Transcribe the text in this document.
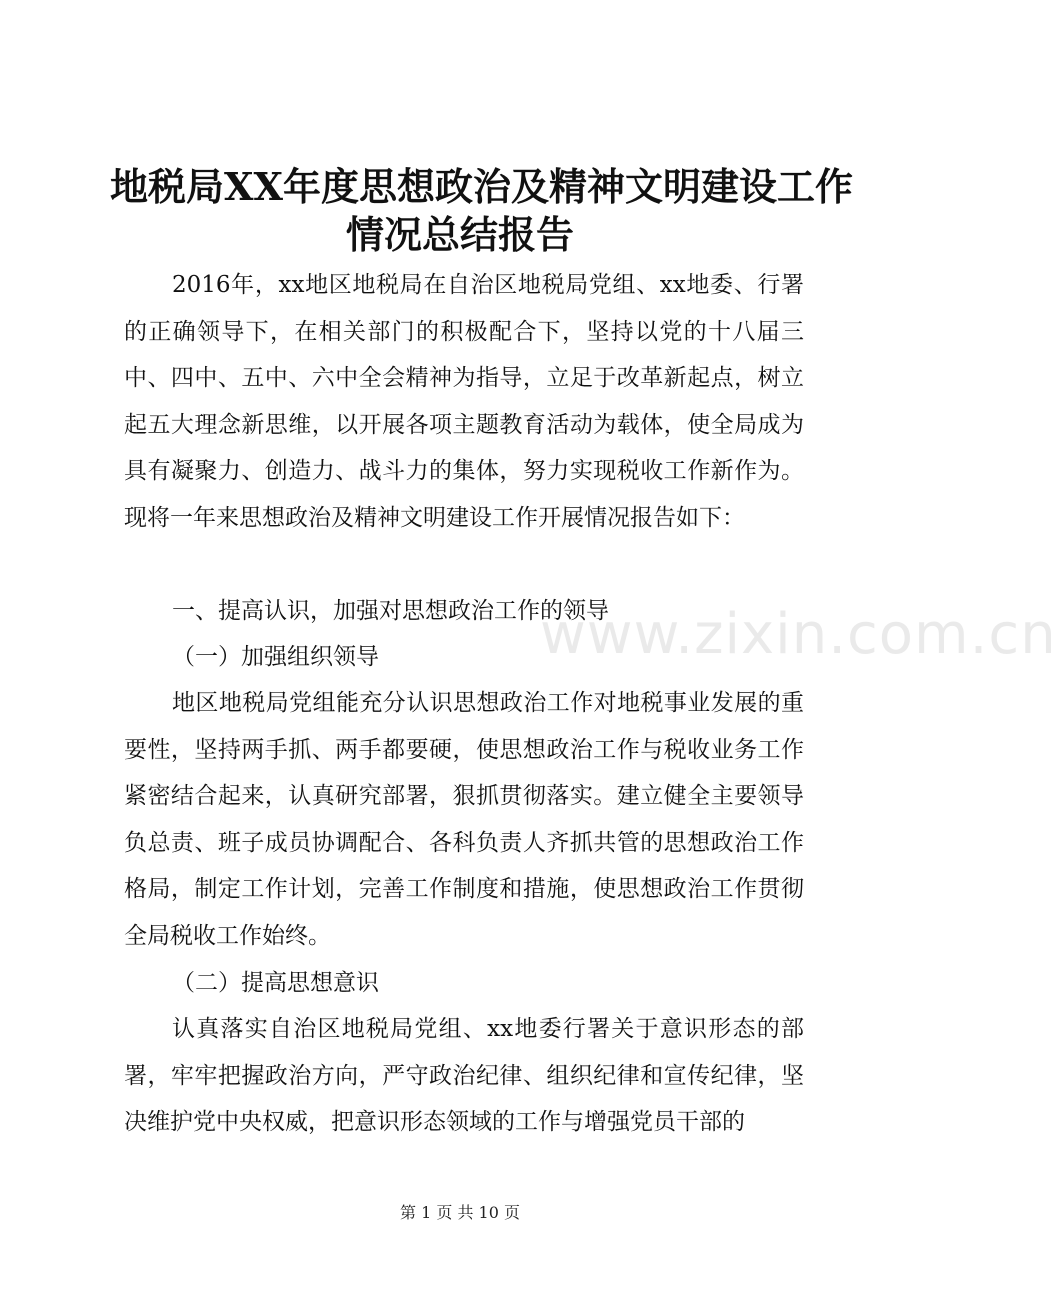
地税局XX年度思想政治及精神文明建设工作
情况总结报告

2016年，xx地区地税局在自治区地税局党组、xx地委、行署的正确领导下，在相关部门的积极配合下，坚持以党的十八届三中、四中、五中、六中全会精神为指导，立足于改革新起点，树立起五大理念新思维，以开展各项主题教育活动为载体，使全局成为具有凝聚力、创造力、战斗力的集体，努力实现税收工作新作为。现将一年来思想政治及精神文明建设工作开展情况报告如下：

一、提高认识，加强对思想政治工作的领导

（一）加强组织领导

地区地税局党组能充分认识思想政治工作对地税事业发展的重要性，坚持两手抓、两手都要硬，使思想政治工作与税收业务工作紧密结合起来，认真研究部署，狠抓贯彻落实。建立健全主要领导负总责、班子成员协调配合、各科负责人齐抓共管的思想政治工作格局，制定工作计划，完善工作制度和措施，使思想政治工作贯彻全局税收工作始终。

（二）提高思想意识

认真落实自治区地税局党组、xx地委行署关于意识形态的部署，牢牢把握政治方向，严守政治纪律、组织纪律和宣传纪律，坚决维护党中央权威，把意识形态领域的工作与增强党员干部的

www.zixin.com.cn
第 1 页 共 10 页
